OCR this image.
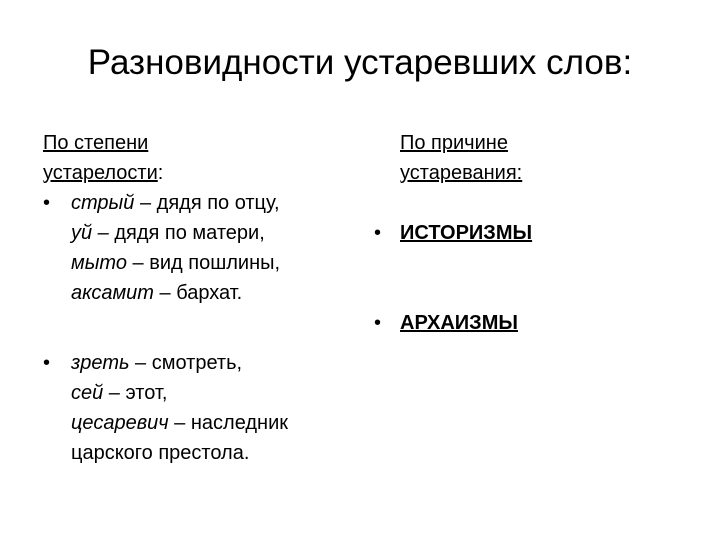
Разновидности устаревших слов:
По степени
устарелости:
• стрый – дядя по отцу,
уй – дядя по матери,
мыто – вид пошлины,
аксамит – бархат.
• зреть – смотреть,
сей – этот,
цесаревич – наследник
царского престола.
По причине
устаревания:
• ИСТОРИЗМЫ
• АРХАИЗМЫ
